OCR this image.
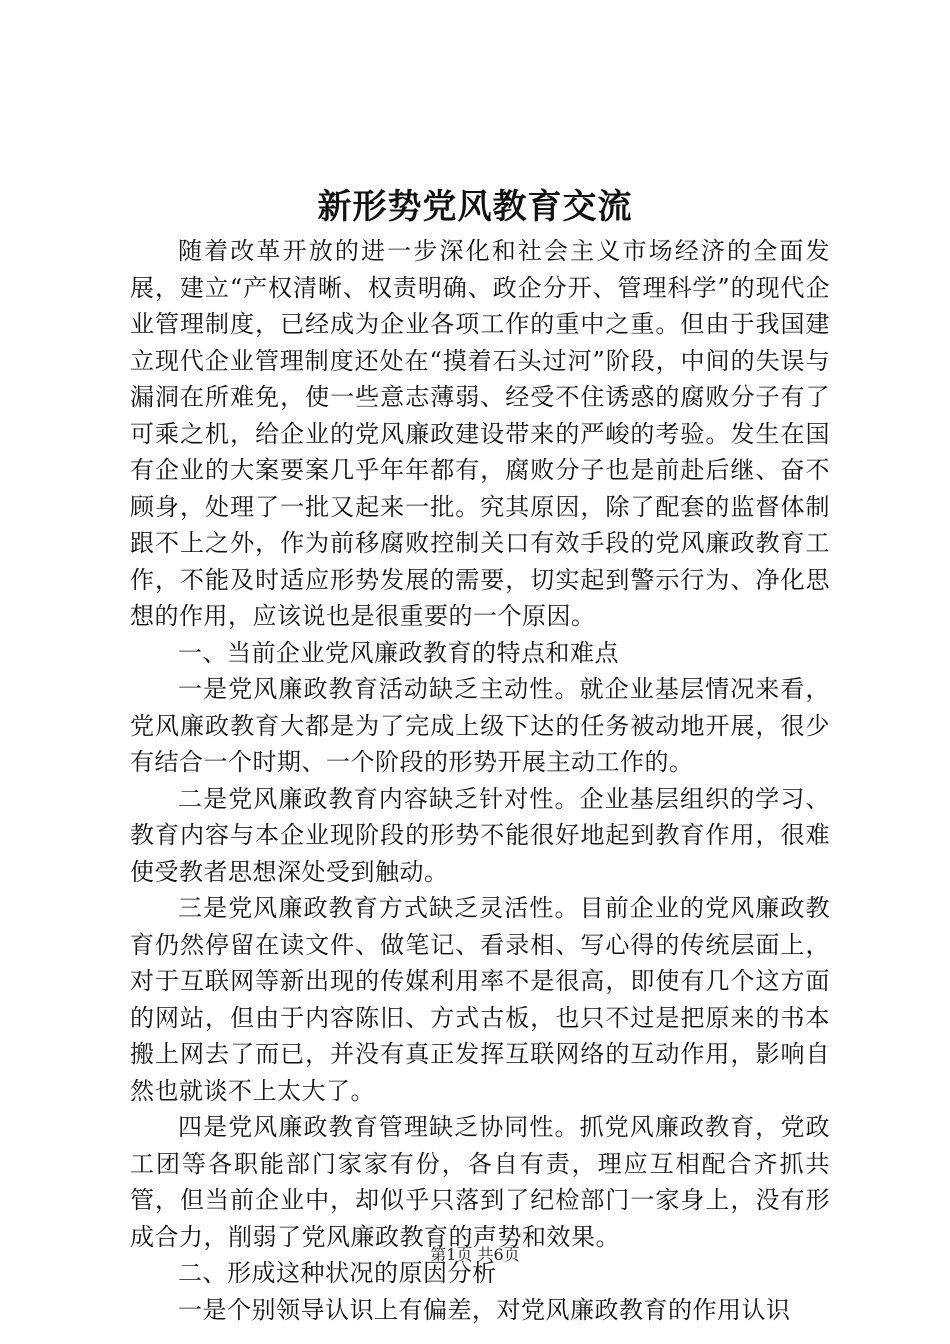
新形势党风教育交流

随着改革开放的进一步深化和社会主义市场经济的全面发展，建立“产权清晰、权责明确、政企分开、管理科学”的现代企业管理制度，已经成为企业各项工作的重中之重。但由于我国建立现代企业管理制度还处在“摸着石头过河”阶段，中间的失误与漏洞在所难免，使一些意志薄弱、经受不住诱惑的腐败分子有了可乘之机，给企业的党风廉政建设带来的严峻的考验。发生在国有企业的大案要案几乎年年都有，腐败分子也是前赴后继、奋不顾身，处理了一批又起来一批。究其原因，除了配套的监督体制跟不上之外，作为前移腐败控制关口有效手段的党风廉政教育工作，不能及时适应形势发展的需要，切实起到警示行为、净化思想的作用，应该说也是很重要的一个原因。

一、当前企业党风廉政教育的特点和难点

一是党风廉政教育活动缺乏主动性。就企业基层情况来看，党风廉政教育大都是为了完成上级下达的任务被动地开展，很少有结合一个时期、一个阶段的形势开展主动工作的。

二是党风廉政教育内容缺乏针对性。企业基层组织的学习、教育内容与本企业现阶段的形势不能很好地起到教育作用，很难使受教者思想深处受到触动。

三是党风廉政教育方式缺乏灵活性。目前企业的党风廉政教育仍然停留在读文件、做笔记、看录相、写心得的传统层面上，对于互联网等新出现的传媒利用率不是很高，即使有几个这方面的网站，但由于内容陈旧、方式古板，也只不过是把原来的书本搬上网去了而已，并没有真正发挥互联网络的互动作用，影响自然也就谈不上太大了。

四是党风廉政教育管理缺乏协同性。抓党风廉政教育，党政工团等各职能部门家家有份，各自有责，理应互相配合齐抓共管，但当前企业中，却似乎只落到了纪检部门一家身上，没有形成合力，削弱了党风廉政教育的声势和效果。

二、形成这种状况的原因分析

一是个别领导认识上有偏差，对党风廉政教育的作用认识

第1页 共6页
